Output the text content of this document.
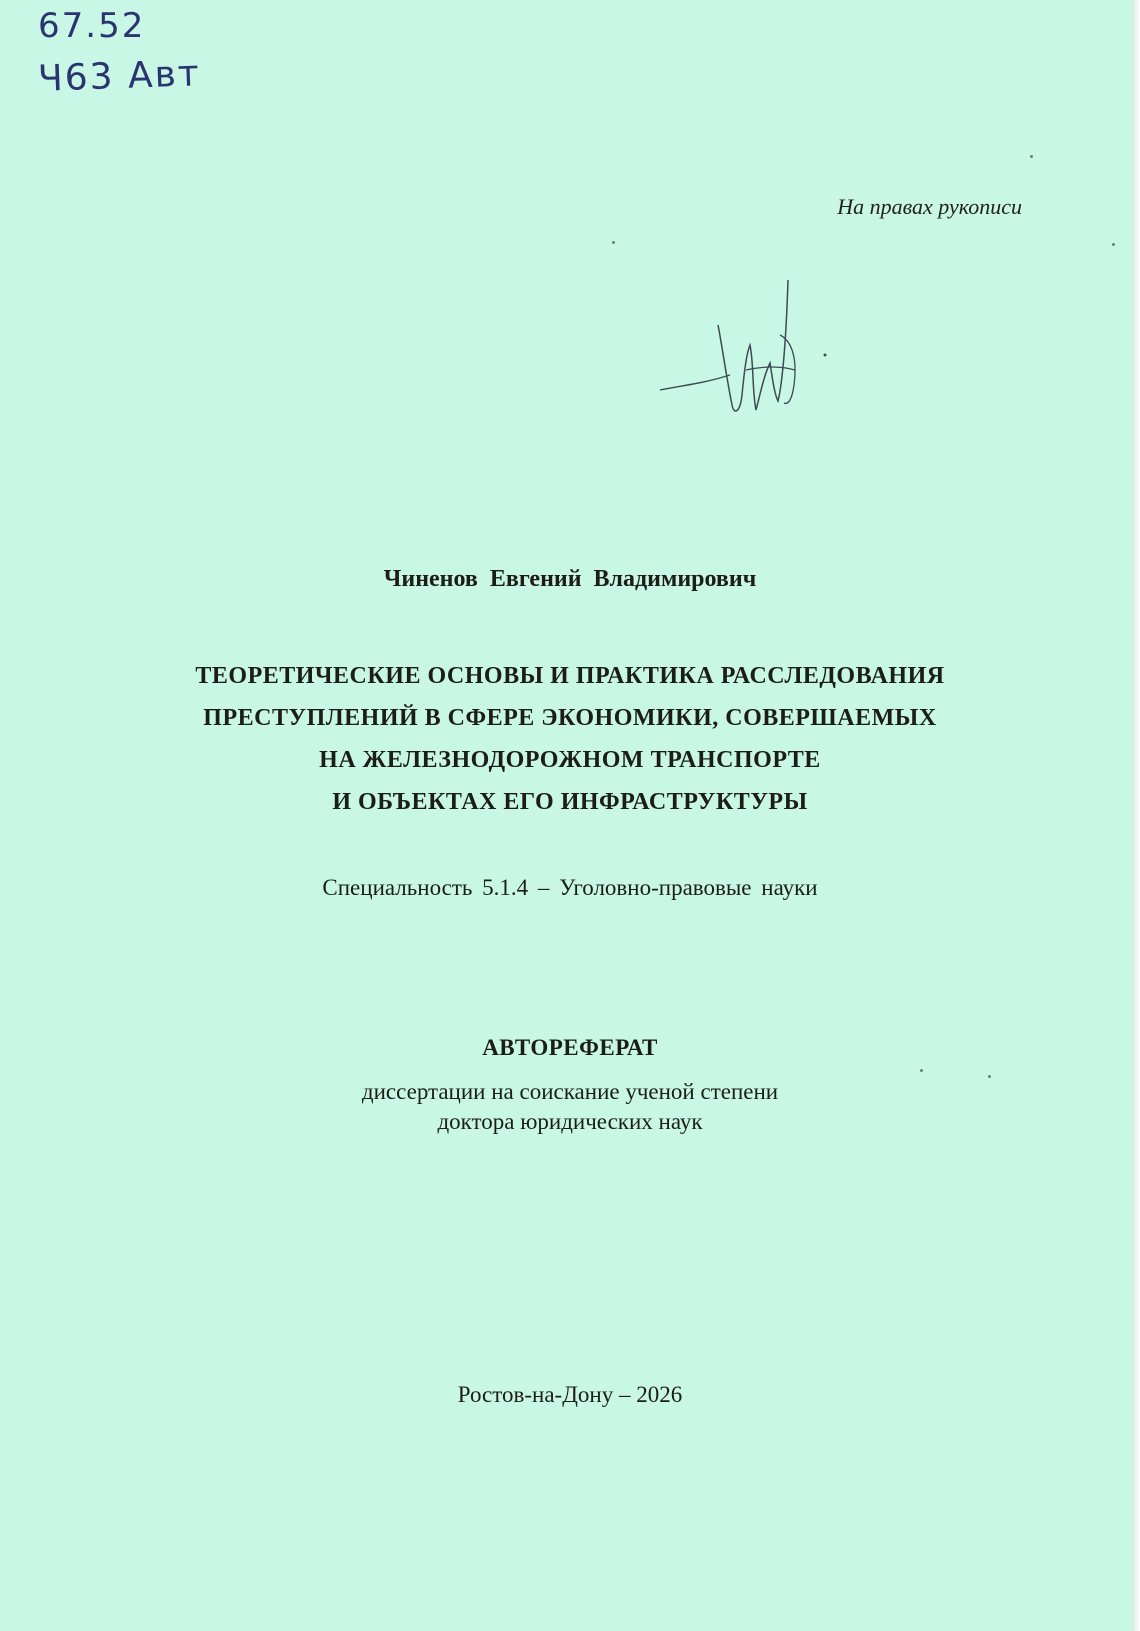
67.52
Ч63 Авт
На правах рукописи
Чиненов Евгений Владимирович
ТЕОРЕТИЧЕСКИЕ ОСНОВЫ И ПРАКТИКА РАССЛЕДОВАНИЯ
ПРЕСТУПЛЕНИЙ В СФЕРЕ ЭКОНОМИКИ, СОВЕРШАЕМЫХ
НА ЖЕЛЕЗНОДОРОЖНОМ ТРАНСПОРТЕ
И ОБЪЕКТАХ ЕГО ИНФРАСТРУКТУРЫ
Специальность 5.1.4 – Уголовно-правовые науки
АВТОРЕФЕРАТ
диссертации на соискание ученой степени
доктора юридических наук
Ростов-на-Дону – 2026
